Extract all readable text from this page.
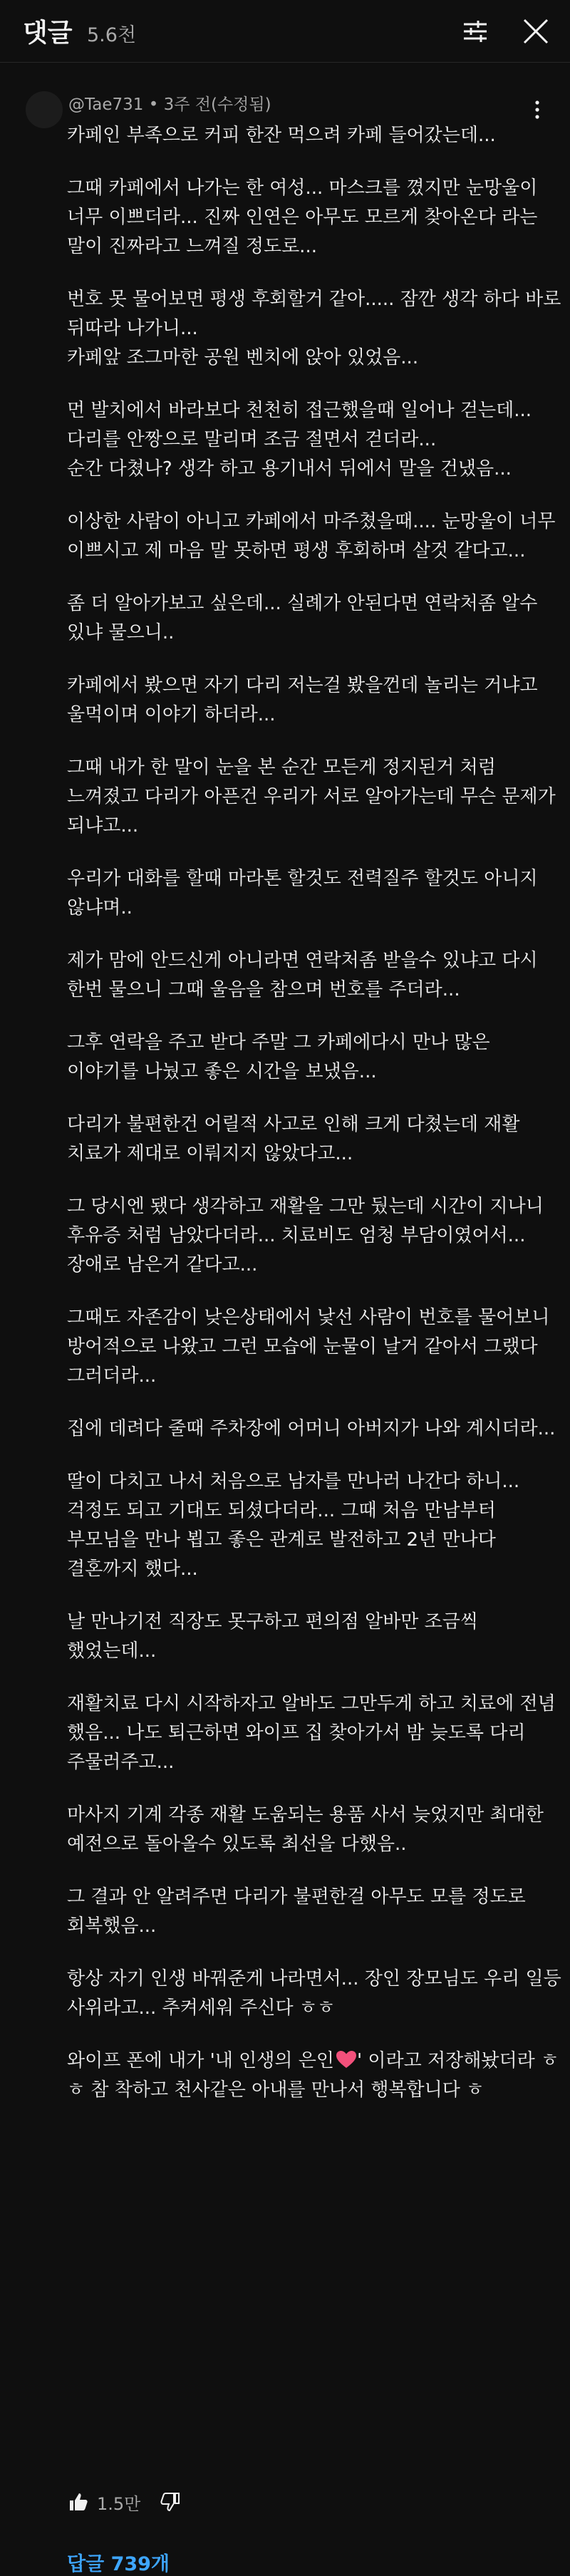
댓글 5.6천
@Tae731 • 3주 전(수정됨)
카페인 부족으로 커피 한잔 먹으려 카페 들어갔는데...
그때 카페에서 나가는 한 여성... 마스크를 꼈지만 눈망울이
너무 이쁘더라... 진짜 인연은 아무도 모르게 찾아온다 라는
말이 진짜라고 느껴질 정도로...
번호 못 물어보면 평생 후회할거 같아..... 잠깐 생각 하다 바로
뒤따라 나가니...
카페앞 조그마한 공원 벤치에 앉아 있었음...
먼 발치에서 바라보다 천천히 접근했을때 일어나 걷는데...
다리를 안짱으로 말리며 조금 절면서 걷더라...
순간 다쳤나? 생각 하고 용기내서 뒤에서 말을 건냈음...
이상한 사람이 아니고 카페에서 마주쳤을때.... 눈망울이 너무
이쁘시고 제 마음 말 못하면 평생 후회하며 살것 같다고...
좀 더 알아가보고 싶은데... 실례가 안된다면 연락처좀 알수
있냐 물으니..
카페에서 봤으면 자기 다리 저는걸 봤을껀데 놀리는 거냐고
울먹이며 이야기 하더라...
그때 내가 한 말이 눈을 본 순간 모든게 정지된거 처럼
느껴졌고 다리가 아픈건 우리가 서로 알아가는데 무슨 문제가
되냐고...
우리가 대화를 할때 마라톤 할것도 전력질주 할것도 아니지
않냐며..
제가 맘에 안드신게 아니라면 연락처좀 받을수 있냐고 다시
한번 물으니 그때 울음을 참으며 번호를 주더라...
그후 연락을 주고 받다 주말 그 카페에다시 만나 많은
이야기를 나눴고 좋은 시간을 보냈음...
다리가 불편한건 어릴적 사고로 인해 크게 다쳤는데 재활
치료가 제대로 이뤄지지 않았다고...
그 당시엔 됐다 생각하고 재활을 그만 뒀는데 시간이 지나니
후유증 처럼 남았다더라... 치료비도 엄청 부담이였어서...
장애로 남은거 같다고...
그때도 자존감이 낮은상태에서 낯선 사람이 번호를 물어보니
방어적으로 나왔고 그런 모습에 눈물이 날거 같아서 그랬다
그러더라...
집에 데려다 줄때 주차장에 어머니 아버지가 나와 계시더라...
딸이 다치고 나서 처음으로 남자를 만나러 나간다 하니...
걱정도 되고 기대도 되셨다더라... 그때 처음 만남부터
부모님을 만나 뵙고 좋은 관계로 발전하고 2년 만나다
결혼까지 했다...
날 만나기전 직장도 못구하고 편의점 알바만 조금씩
했었는데...
재활치료 다시 시작하자고 알바도 그만두게 하고 치료에 전념
했음... 나도 퇴근하면 와이프 집 찾아가서 밤 늦도록 다리
주물러주고...
마사지 기계 각종 재활 도움되는 용품 사서 늦었지만 최대한
예전으로 돌아올수 있도록 최선을 다했음..
그 결과 안 알려주면 다리가 불편한걸 아무도 모를 정도로
회복했음...
항상 자기 인생 바꿔준게 나라면서... 장인 장모님도 우리 일등
사위라고... 추켜세워 주신다 ㅎㅎ
와이프 폰에 내가 '내 인생의 은인 ' 이라고 저장해놨더라 ㅎ
ㅎ 참 착하고 천사같은 아내를 만나서 행복합니다 ㅎ
1.5만
답글 739개
